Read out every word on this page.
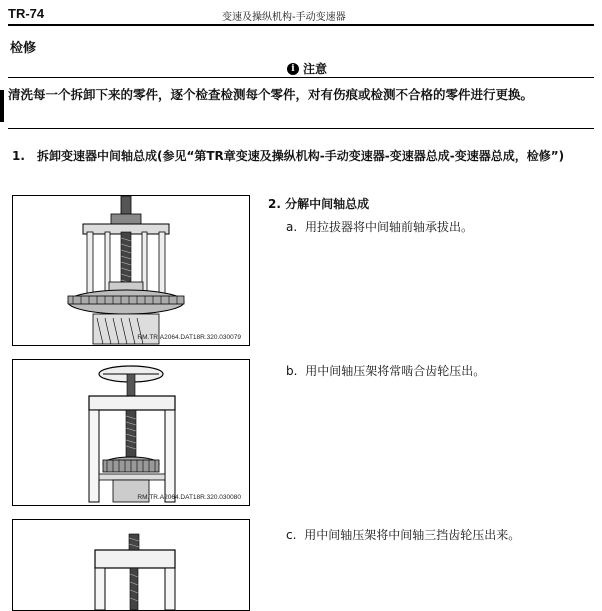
TR-74	变速及操纵机构-手动变速器
检修
i 注意
清洗每一个拆卸下来的零件，逐个检查检测每个零件，对有伤痕或检测不合格的零件进行更换。
1.	拆卸变速器中间轴总成(参见“第TR章变速及操纵机构-手动变速器-变速器总成-变速器总成，检修”)
RM.TR.A2064.DAT18R.320.030079
RM.TR.A2064.DAT18R.320.030080
2. 分解中间轴总成
a. 用拉拔器将中间轴前轴承拔出。
b. 用中间轴压架将常啮合齿轮压出。
c. 用中间轴压架将中间轴三挡齿轮压出来。
